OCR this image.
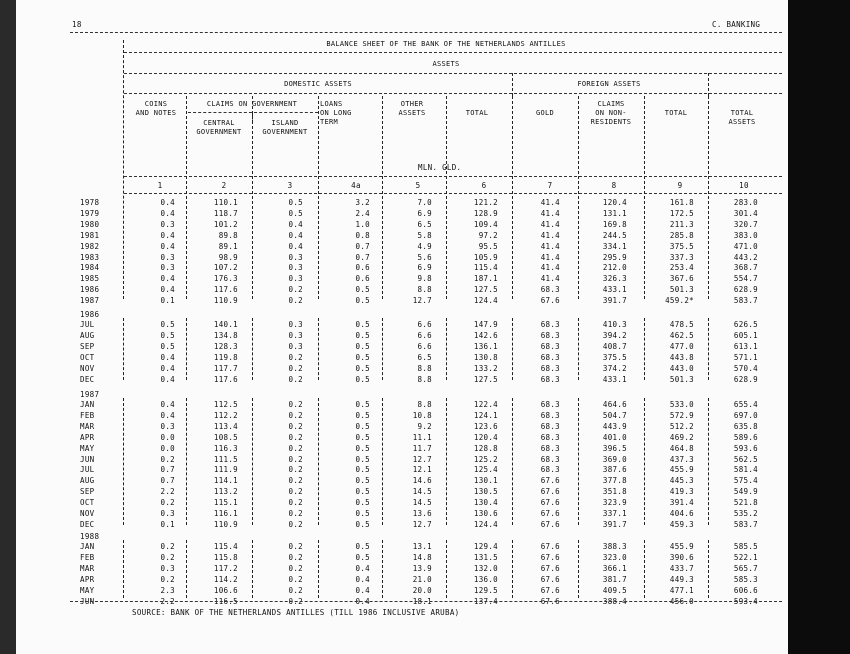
18	C. BANKING
BALANCE SHEET OF THE BANK OF THE NETHERLANDS ANTILLES
ASSETS
DOMESTIC ASSETS	FOREIGN ASSETS
COINS
AND NOTES
CLAIMS ON GOVERNMENT
CENTRAL
GOVERNMENT
ISLAND
GOVERNMENT
LOANS
ON LONG
TERM
OTHER
ASSETS	TOTAL	GOLD
CLAIMS
ON NON-
RESIDENTS
TOTAL	TOTAL
ASSETS
MLN. GLD.
1	2	3	4a	5	6	7	8	9	10
1978	0.4	110.1	0.5	3.2	7.0	121.2	41.4	120.4	161.8	283.0
1979	0.4	118.7	0.5	2.4	6.9	128.9	41.4	131.1	172.5	301.4
1980	0.3	101.2	0.4	1.0	6.5	109.4	41.4	169.8	211.3	320.7
1981	0.4	89.8	0.4	0.8	5.8	97.2	41.4	244.5	285.8	383.0
1982	0.4	89.1	0.4	0.7	4.9	95.5	41.4	334.1	375.5	471.0
1983	0.3	98.9	0.3	0.7	5.6	105.9	41.4	295.9	337.3	443.2
1984	0.3	107.2	0.3	0.6	6.9	115.4	41.4	212.0	253.4	368.7
1985	0.4	176.3	0.3	0.6	9.8	187.1	41.4	326.3	367.6	554.7
1986	0.4	117.6	0.2	0.5	8.8	127.5	68.3	433.1	501.3	628.9
1987	0.1	110.9	0.2	0.5	12.7	124.4	67.6	391.7	459.2*	583.7
1986
JUL	0.5	140.1	0.3	0.5	6.6	147.9	68.3	410.3	478.5	626.5
AUG	0.5	134.8	0.3	0.5	6.6	142.6	68.3	394.2	462.5	605.1
SEP	0.5	128.3	0.3	0.5	6.6	136.1	68.3	408.7	477.0	613.1
OCT	0.4	119.8	0.2	0.5	6.5	130.8	68.3	375.5	443.8	571.1
NOV	0.4	117.7	0.2	0.5	8.8	133.2	68.3	374.2	443.0	570.4
DEC	0.4	117.6	0.2	0.5	8.8	127.5	68.3	433.1	501.3	628.9
1987
JAN	0.4	112.5	0.2	0.5	8.8	122.4	68.3	464.6	533.0	655.4
FEB	0.4	112.2	0.2	0.5	10.8	124.1	68.3	504.7	572.9	697.0
MAR	0.3	113.4	0.2	0.5	9.2	123.6	68.3	443.9	512.2	635.8
APR	0.0	108.5	0.2	0.5	11.1	120.4	68.3	401.0	469.2	589.6
MAY	0.0	116.3	0.2	0.5	11.7	128.8	68.3	396.5	464.8	593.6
JUN	0.2	111.5	0.2	0.5	12.7	125.2	68.3	369.0	437.3	562.5
JUL	0.7	111.9	0.2	0.5	12.1	125.4	68.3	387.6	455.9	581.4
AUG	0.7	114.1	0.2	0.5	14.6	130.1	67.6	377.8	445.3	575.4
SEP	2.2	113.2	0.2	0.5	14.5	130.5	67.6	351.8	419.3	549.9
OCT	0.2	115.1	0.2	0.5	14.5	130.4	67.6	323.9	391.4	521.8
NOV	0.3	116.1	0.2	0.5	13.6	130.6	67.6	337.1	404.6	535.2
DEC	0.1	110.9	0.2	0.5	12.7	124.4	67.6	391.7	459.3	583.7
1988
JAN	0.2	115.4	0.2	0.5	13.1	129.4	67.6	388.3	455.9	585.5
FEB	0.2	115.8	0.2	0.5	14.8	131.5	67.6	323.0	390.6	522.1
MAR	0.3	117.2	0.2	0.4	13.9	132.0	67.6	366.1	433.7	565.7
APR	0.2	114.2	0.2	0.4	21.0	136.0	67.6	381.7	449.3	585.3
MAY	2.3	106.6	0.2	0.4	20.0	129.5	67.6	409.5	477.1	606.6
JUN	2.2	116.5	0.2	0.4	18.1	137.4	67.6	388.4	456.0	593.4
SOURCE: BANK OF THE NETHERLANDS ANTILLES (TILL 1986 INCLUSIVE ARUBA)
